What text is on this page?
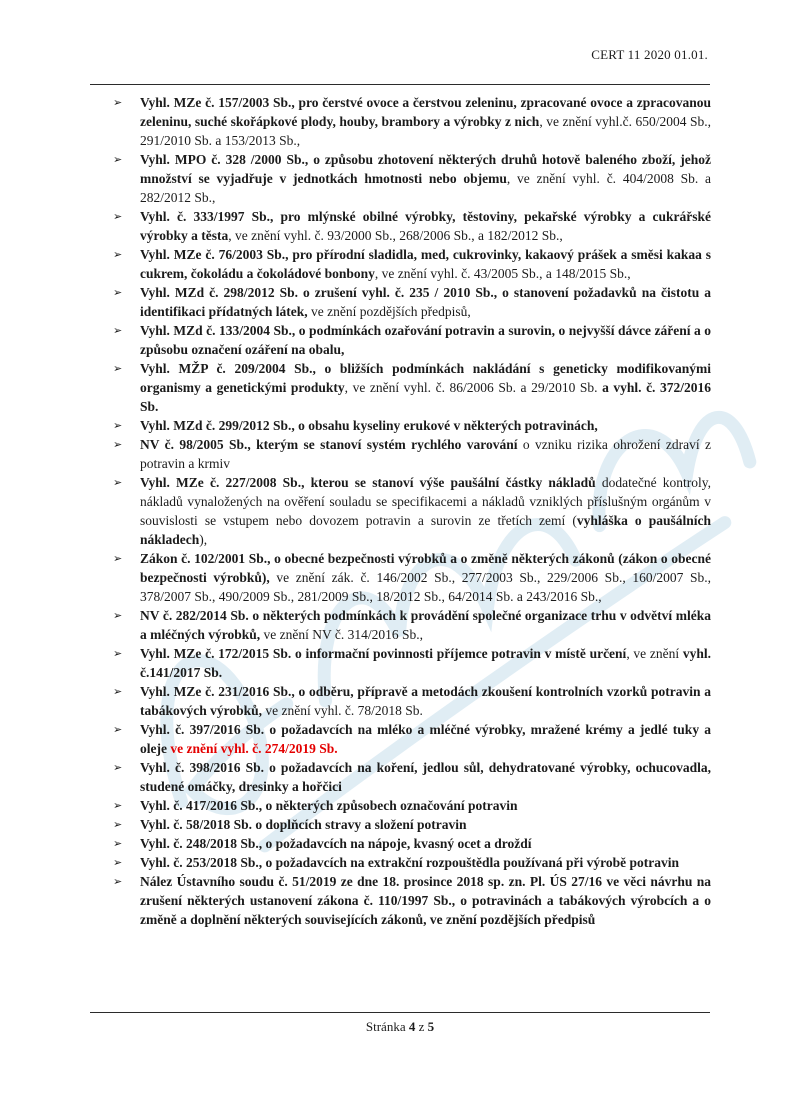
CERT 11 2020 01.01.
➢	Vyhl. MZe č. 157/2003 Sb., pro čerstvé ovoce a čerstvou zeleninu, zpracované ovoce a zpracovanou zeleninu, suché skořápkové plody, houby, brambory a výrobky z nich, ve znění vyhl.č. 650/2004 Sb., 291/2010 Sb. a 153/2013 Sb.,
➢	Vyhl. MPO č. 328 /2000 Sb., o způsobu zhotovení některých druhů hotově baleného zboží, jehož množství se vyjadřuje v jednotkách hmotnosti nebo objemu, ve znění vyhl. č. 404/2008 Sb. a 282/2012 Sb.,
➢	Vyhl. č. 333/1997 Sb., pro mlýnské obilné výrobky, těstoviny, pekařské výrobky a cukrářské výrobky a těsta, ve znění vyhl. č. 93/2000 Sb., 268/2006 Sb., a 182/2012 Sb.,
➢	Vyhl. MZe č. 76/2003 Sb., pro přírodní sladidla, med, cukrovinky, kakaový prášek a směsi kakaa s cukrem, čokoládu a čokoládové bonbony, ve znění vyhl. č. 43/2005 Sb., a 148/2015 Sb.,
➢	Vyhl. MZd č. 298/2012 Sb. o zrušení vyhl. č. 235 / 2010 Sb., o stanovení požadavků na čistotu a identifikaci přídatných látek, ve znění pozdějších předpisů,
➢	Vyhl. MZd č. 133/2004 Sb., o podmínkách ozařování potravin a surovin, o nejvyšší dávce záření a o způsobu označení ozáření na obalu,
➢	Vyhl. MŽP č. 209/2004 Sb., o bližších podmínkách nakládání s geneticky modifikovanými organismy a genetickými produkty, ve znění vyhl. č. 86/2006 Sb. a 29/2010 Sb. a vyhl. č. 372/2016 Sb.
➢	Vyhl. MZd č. 299/2012 Sb., o obsahu kyseliny erukové v některých potravinách,
➢	NV č. 98/2005 Sb., kterým se stanoví systém rychlého varování o vzniku rizika ohrožení zdraví z potravin a krmiv
➢	Vyhl. MZe č. 227/2008 Sb., kterou se stanoví výše paušální částky nákladů dodatečné kontroly, nákladů vynaložených na ověření souladu se specifikacemi a nákladů vzniklých příslušným orgánům v souvislosti se vstupem nebo dovozem potravin a surovin ze třetích zemí (vyhláška o paušálních nákladech),
➢	Zákon č. 102/2001 Sb., o obecné bezpečnosti výrobků a o změně některých zákonů (zákon o obecné bezpečnosti výrobků), ve znění zák. č. 146/2002 Sb., 277/2003 Sb., 229/2006 Sb., 160/2007 Sb., 378/2007 Sb., 490/2009 Sb., 281/2009 Sb., 18/2012 Sb., 64/2014 Sb. a 243/2016 Sb.,
➢	NV č. 282/2014 Sb. o některých podmínkách k provádění společné organizace trhu v odvětví mléka a mléčných výrobků, ve znění NV č. 314/2016 Sb.,
➢	Vyhl. MZe č. 172/2015 Sb. o informační povinnosti příjemce potravin v místě určení, ve znění vyhl. č.141/2017 Sb.
➢	Vyhl. MZe č. 231/2016 Sb., o odběru, přípravě a metodách zkoušení kontrolních vzorků potravin a tabákových výrobků, ve znění vyhl. č. 78/2018 Sb.
➢	Vyhl. č. 397/2016 Sb. o požadavcích na mléko a mléčné výrobky, mražené krémy a jedlé tuky a oleje ve znění vyhl. č. 274/2019 Sb.
➢	Vyhl. č. 398/2016 Sb. o požadavcích na koření, jedlou sůl, dehydratované výrobky, ochucovadla, studené omáčky, dresinky a hořčici
➢	Vyhl. č. 417/2016 Sb., o některých způsobech označování potravin
➢	Vyhl. č. 58/2018 Sb. o doplňcích stravy a složení potravin
➢	Vyhl. č. 248/2018 Sb., o požadavcích na nápoje, kvasný ocet a droždí
➢	Vyhl. č. 253/2018 Sb., o požadavcích na extrakční rozpouštědla používaná při výrobě potravin
➢	Nález Ústavního soudu č. 51/2019 ze dne 18. prosince 2018 sp. zn. Pl. ÚS 27/16 ve věci návrhu na zrušení některých ustanovení zákona č. 110/1997 Sb., o potravinách a tabákových výrobcích a o změně a doplnění některých souvisejících zákonů, ve znění pozdějších předpisů
Stránka 4 z 5
